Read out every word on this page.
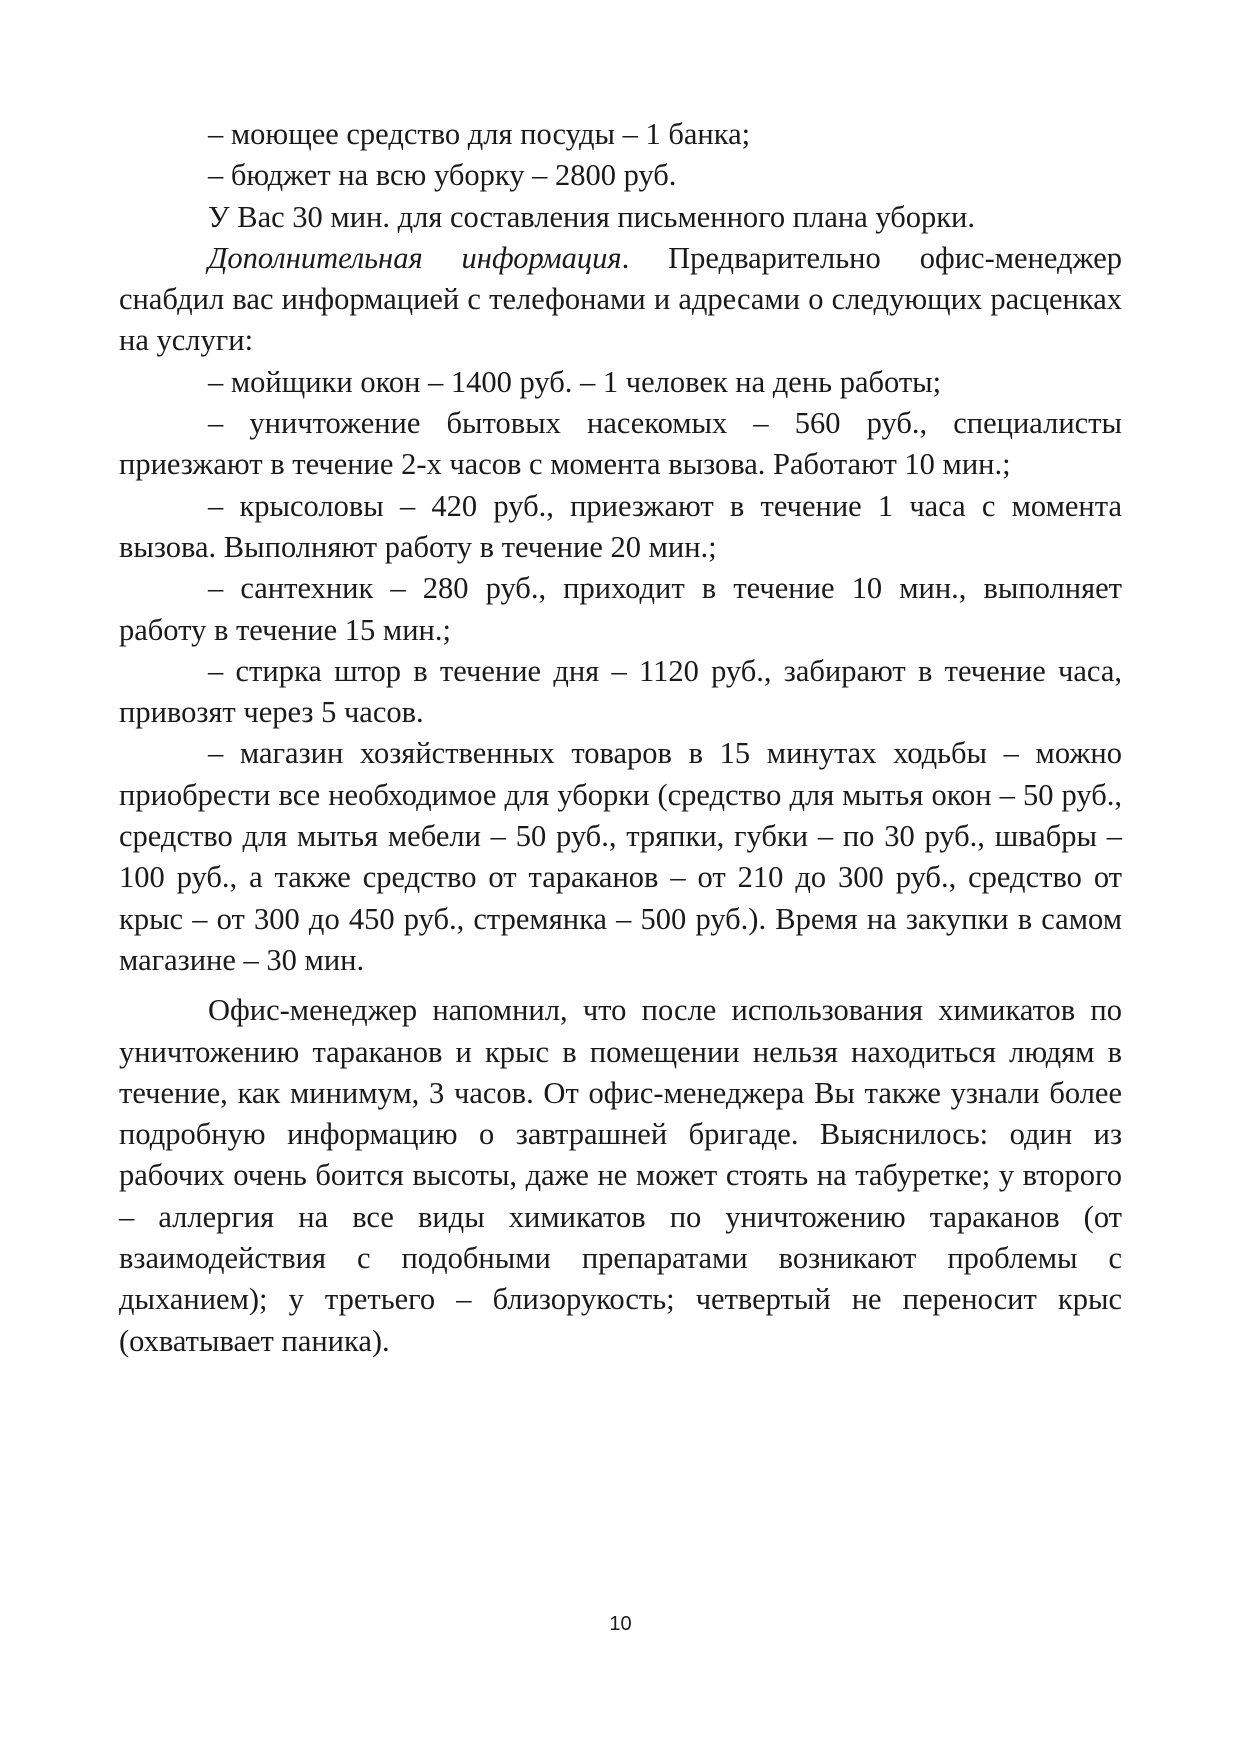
– моющее средство для посуды – 1 банка;

– бюджет на всю уборку – 2800 руб.

У Вас 30 мин. для составления письменного плана уборки.

Дополнительная информация. Предварительно офис-менеджер снабдил вас информацией с телефонами и адресами о следующих расценках на услуги:

– мойщики окон – 1400 руб. – 1 человек на день работы;

– уничтожение бытовых насекомых – 560 руб., специалисты приезжают в течение 2-х часов с момента вызова. Работают 10 мин.;

– крысоловы – 420 руб., приезжают в течение 1 часа с момента вызова. Выполняют работу в течение 20 мин.;

– сантехник – 280 руб., приходит в течение 10 мин., выполняет работу в течение 15 мин.;

– стирка штор в течение дня – 1120 руб., забирают в течение часа, привозят через 5 часов.

– магазин хозяйственных товаров в 15 минутах ходьбы – можно приобрести все необходимое для уборки (средство для мытья окон – 50 руб., средство для мытья мебели – 50 руб., тряпки, губки – по 30 руб., швабры – 100 руб., а также средство от тараканов – от 210 до 300 руб., средство от крыс – от 300 до 450 руб., стремянка – 500 руб.). Время на закупки в самом магазине – 30 мин.

Офис-менеджер напомнил, что после использования химикатов по уничтожению тараканов и крыс в помещении нельзя находиться людям в течение, как минимум, 3 часов. От офис-менеджера Вы также узнали более подробную информацию о завтрашней бригаде. Выяснилось: один из рабочих очень боится высоты, даже не может стоять на табуретке; у второго – аллергия на все виды химикатов по уничтожению тараканов (от взаимодействия с подобными препаратами возникают проблемы с дыханием); у третьего – близорукость; четвертый не переносит крыс (охватывает паника).

10
